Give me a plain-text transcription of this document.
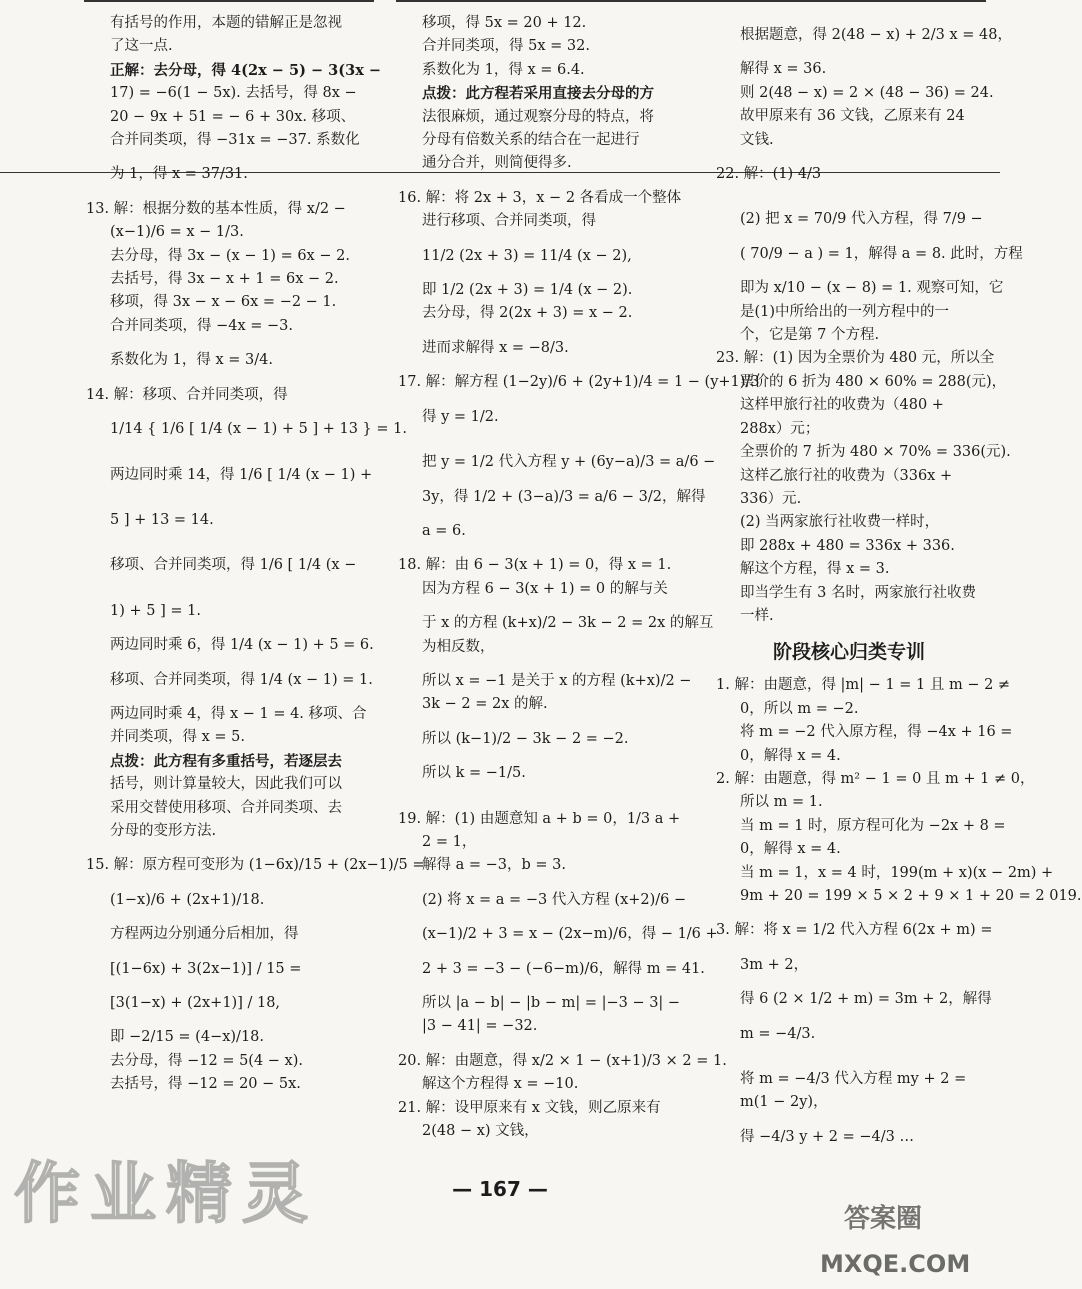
有括号的作用，本题的错解正是忽视
了这一点.
正解：去分母，得 4(2x − 5) − 3(3x −
17) = −6(1 − 5x). 去括号，得 8x −
20 − 9x + 51 = − 6 + 30x. 移项、
合并同类项，得 −31x = −37. 系数化
为 1，得 x = 37/31.
13. 解：根据分数的基本性质，得 x/2 −
(x−1)/6 = x − 1/3.
去分母，得 3x − (x − 1) = 6x − 2.
去括号，得 3x − x + 1 = 6x − 2.
移项，得 3x − x − 6x = −2 − 1.
合并同类项，得 −4x = −3.
系数化为 1，得 x = 3/4.
14. 解：移项、合并同类项，得
1/14 { 1/6 [ 1/4 (x − 1) + 5 ] + 13 } = 1.
两边同时乘 14，得 1/6 [ 1/4 (x − 1) +
5 ] + 13 = 14.
移项、合并同类项，得 1/6 [ 1/4 (x −
1) + 5 ] = 1.
两边同时乘 6，得 1/4 (x − 1) + 5 = 6.
移项、合并同类项，得 1/4 (x − 1) = 1.
两边同时乘 4，得 x − 1 = 4. 移项、合
并同类项，得 x = 5.
点拨：此方程有多重括号，若逐层去
括号，则计算量较大，因此我们可以
采用交替使用移项、合并同类项、去
分母的变形方法.
15. 解：原方程可变形为 (1−6x)/15 + (2x−1)/5 =
(1−x)/6 + (2x+1)/18.
方程两边分别通分后相加，得
[(1−6x) + 3(2x−1)] / 15 =
[3(1−x) + (2x+1)] / 18,
即 −2/15 = (4−x)/18.
去分母，得 −12 = 5(4 − x).
去括号，得 −12 = 20 − 5x.
移项，得 5x = 20 + 12.
合并同类项，得 5x = 32.
系数化为 1，得 x = 6.4.
点拨：此方程若采用直接去分母的方
法很麻烦，通过观察分母的特点，将
分母有倍数关系的结合在一起进行
通分合并，则简便得多.
16. 解：将 2x + 3，x − 2 各看成一个整体
进行移项、合并同类项，得
11/2 (2x + 3) = 11/4 (x − 2),
即 1/2 (2x + 3) = 1/4 (x − 2).
去分母，得 2(2x + 3) = x − 2.
进而求解得 x = −8/3.
17. 解：解方程 (1−2y)/6 + (2y+1)/4 = 1 − (y+1)/3
得 y = 1/2.
把 y = 1/2 代入方程 y + (6y−a)/3 = a/6 −
3y，得 1/2 + (3−a)/3 = a/6 − 3/2，解得
a = 6.
18. 解：由 6 − 3(x + 1) = 0，得 x = 1.
因为方程 6 − 3(x + 1) = 0 的解与关
于 x 的方程 (k+x)/2 − 3k − 2 = 2x 的解互
为相反数，
所以 x = −1 是关于 x 的方程 (k+x)/2 −
3k − 2 = 2x 的解.
所以 (k−1)/2 − 3k − 2 = −2.
所以 k = −1/5.
19. 解：(1) 由题意知 a + b = 0，1/3 a +
2 = 1，
解得 a = −3，b = 3.
(2) 将 x = a = −3 代入方程 (x+2)/6 −
(x−1)/2 + 3 = x − (2x−m)/6，得 − 1/6 +
2 + 3 = −3 − (−6−m)/6，解得 m = 41.
所以 |a − b| − |b − m| = |−3 − 3| −
|3 − 41| = −32.
20. 解：由题意，得 x/2 × 1 − (x+1)/3 × 2 = 1.
解这个方程得 x = −10.
21. 解：设甲原来有 x 文钱，则乙原来有
2(48 − x) 文钱，
根据题意，得 2(48 − x) + 2/3 x = 48，
解得 x = 36.
则 2(48 − x) = 2 × (48 − 36) = 24.
故甲原来有 36 文钱，乙原来有 24
文钱.
22. 解：(1) 4/3
(2) 把 x = 70/9 代入方程，得 7/9 −
( 70/9 − a ) = 1，解得 a = 8. 此时，方程
即为 x/10 − (x − 8) = 1. 观察可知，它
是(1)中所给出的一列方程中的一
个，它是第 7 个方程.
23. 解：(1) 因为全票价为 480 元，所以全
票价的 6 折为 480 × 60% = 288(元)，
这样甲旅行社的收费为（480 +
288x）元；
全票价的 7 折为 480 × 70% = 336(元).
这样乙旅行社的收费为（336x +
336）元.
(2) 当两家旅行社收费一样时，
即 288x + 480 = 336x + 336.
解这个方程，得 x = 3.
即当学生有 3 名时，两家旅行社收费
一样.
阶段核心归类专训
1. 解：由题意，得 |m| − 1 = 1 且 m − 2 ≠
0，所以 m = −2.
将 m = −2 代入原方程，得 −4x + 16 =
0，解得 x = 4.
2. 解：由题意，得 m² − 1 = 0 且 m + 1 ≠ 0，
所以 m = 1.
当 m = 1 时，原方程可化为 −2x + 8 =
0，解得 x = 4.
当 m = 1，x = 4 时，199(m + x)(x − 2m) +
9m + 20 = 199 × 5 × 2 + 9 × 1 + 20 = 2 019.
3. 解：将 x = 1/2 代入方程 6(2x + m) =
3m + 2，
得 6 (2 × 1/2 + m) = 3m + 2，解得
m = −4/3.
将 m = −4/3 代入方程 my + 2 =
m(1 − 2y)，
得 −4/3 y + 2 = −4/3 …
— 167 —
作业精灵	答案圈
MXQE.COM
